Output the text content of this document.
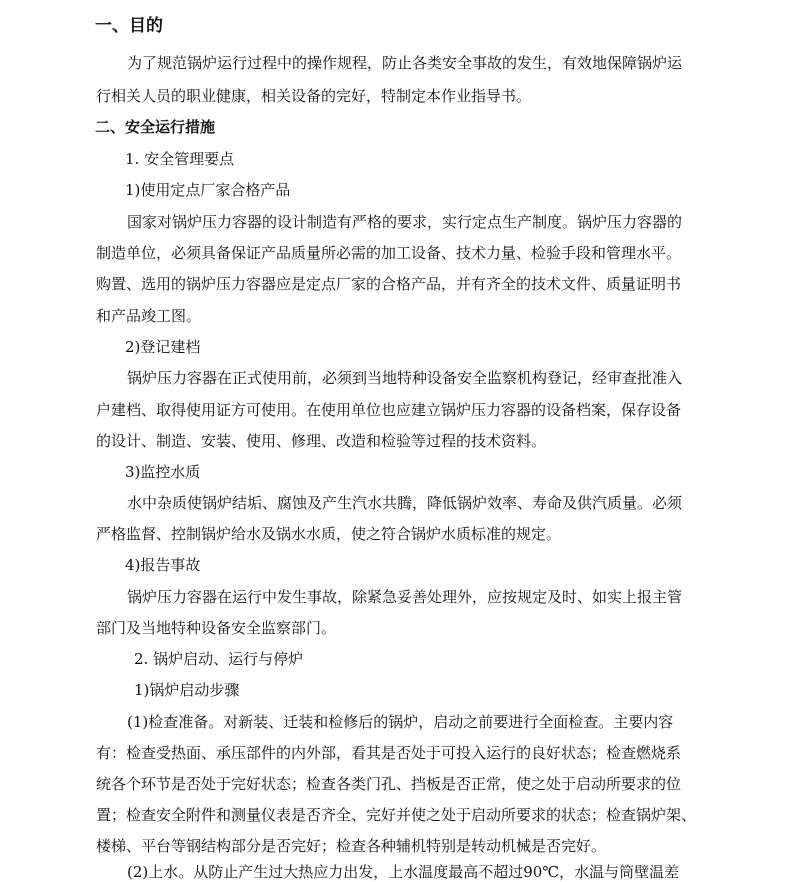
一、目的
为了规范锅炉运行过程中的操作规程，防止各类安全事故的发生，有效地保障锅炉运
行相关人员的职业健康，相关设备的完好，特制定本作业指导书。
二、安全运行措施
1. 安全管理要点
1)使用定点厂家合格产品
国家对锅炉压力容器的设计制造有严格的要求，实行定点生产制度。锅炉压力容器的
制造单位，必须具备保证产品质量所必需的加工设备、技术力量、检验手段和管理水平。
购置、选用的锅炉压力容器应是定点厂家的合格产品，并有齐全的技术文件、质量证明书
和产品竣工图。
2)登记建档
锅炉压力容器在正式使用前，必须到当地特种设备安全监察机构登记，经审查批准入
户建档、取得使用证方可使用。在使用单位也应建立锅炉压力容器的设备档案，保存设备
的设计、制造、安装、使用、修理、改造和检验等过程的技术资料。
3)监控水质
水中杂质使锅炉结垢、腐蚀及产生汽水共腾，降低锅炉效率、寿命及供汽质量。必须
严格监督、控制锅炉给水及锅水水质，使之符合锅炉水质标准的规定。
4)报告事故
锅炉压力容器在运行中发生事故，除紧急妥善处理外，应按规定及时、如实上报主管
部门及当地特种设备安全监察部门。
2. 锅炉启动、运行与停炉
1)锅炉启动步骤
(1)检查准备。对新装、迁装和检修后的锅炉，启动之前要进行全面检查。主要内容
有：检查受热面、承压部件的内外部，看其是否处于可投入运行的良好状态；检查燃烧系
统各个环节是否处于完好状态；检查各类门孔、挡板是否正常，使之处于启动所要求的位
置；检查安全附件和测量仪表是否齐全、完好并使之处于启动所要求的状态；检查锅炉架、
楼梯、平台等钢结构部分是否完好；检查各种辅机特别是转动机械是否完好。
(2)上水。从防止产生过大热应力出发，上水温度最高不超过90℃，水温与筒壁温差
